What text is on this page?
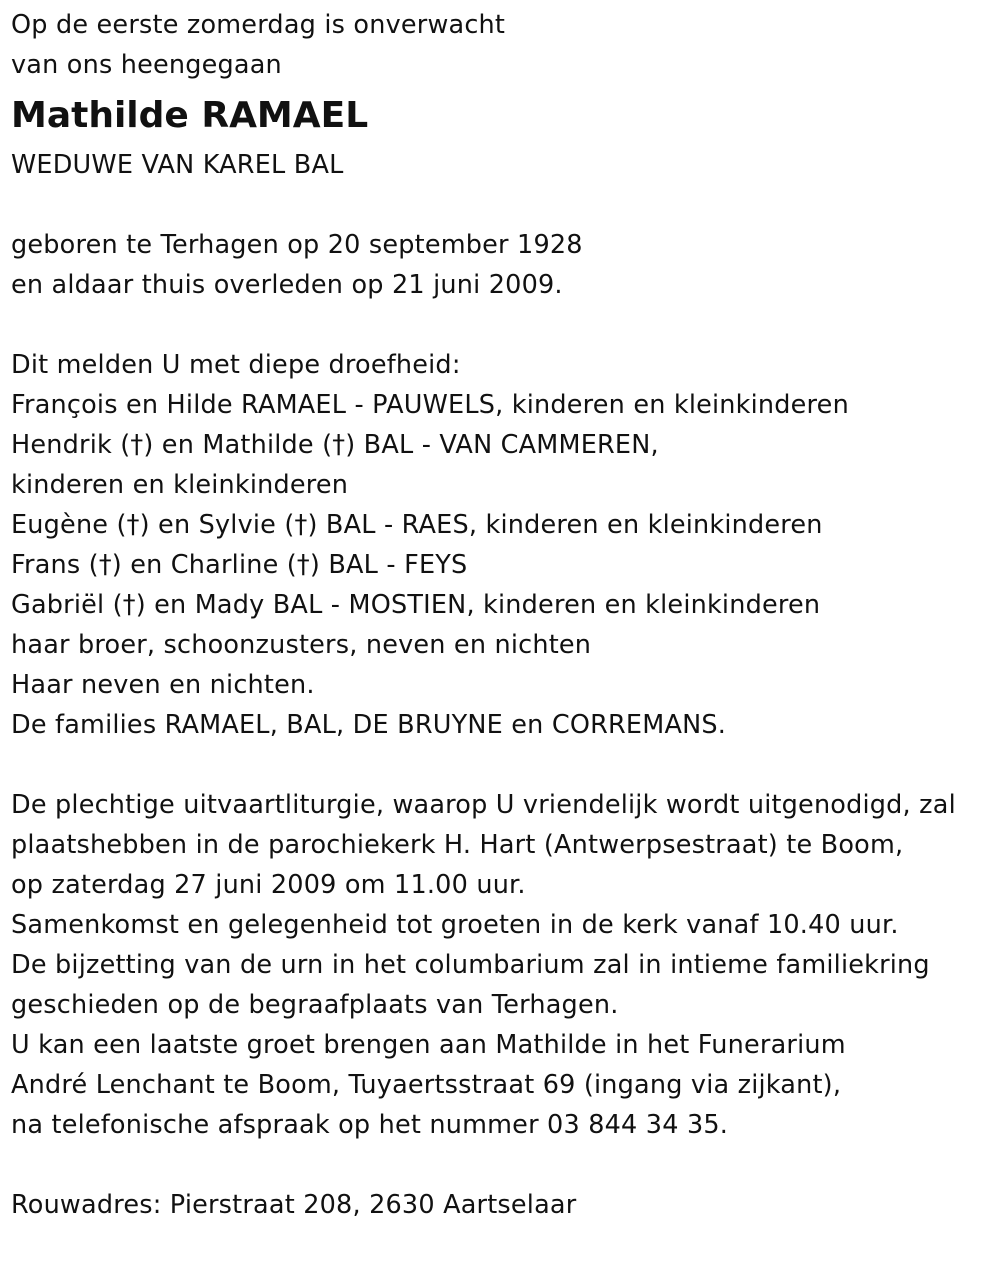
Op de eerste zomerdag is onverwacht
van ons heengegaan
Mathilde RAMAEL
WEDUWE VAN KAREL BAL
geboren te Terhagen op 20 september 1928
en aldaar thuis overleden op 21 juni 2009.
Dit melden U met diepe droefheid:
François en Hilde RAMAEL - PAUWELS, kinderen en kleinkinderen
Hendrik (†) en Mathilde (†) BAL - VAN CAMMEREN,
kinderen en kleinkinderen
Eugène (†) en Sylvie (†) BAL - RAES, kinderen en kleinkinderen
Frans (†) en Charline (†) BAL - FEYS
Gabriël (†) en Mady BAL - MOSTIEN, kinderen en kleinkinderen
haar broer, schoonzusters, neven en nichten
Haar neven en nichten.
De families RAMAEL, BAL, DE BRUYNE en CORREMANS.
De plechtige uitvaartliturgie, waarop U vriendelijk wordt uitgenodigd, zal
plaatshebben in de parochiekerk H. Hart (Antwerpsestraat) te Boom,
op zaterdag 27 juni 2009 om 11.00 uur.
Samenkomst en gelegenheid tot groeten in de kerk vanaf 10.40 uur.
De bijzetting van de urn in het columbarium zal in intieme familiekring
geschieden op de begraafplaats van Terhagen.
U kan een laatste groet brengen aan Mathilde in het Funerarium
André Lenchant te Boom, Tuyaertsstraat 69 (ingang via zijkant),
na telefonische afspraak op het nummer 03 844 34 35.
Rouwadres: Pierstraat 208, 2630 Aartselaar
